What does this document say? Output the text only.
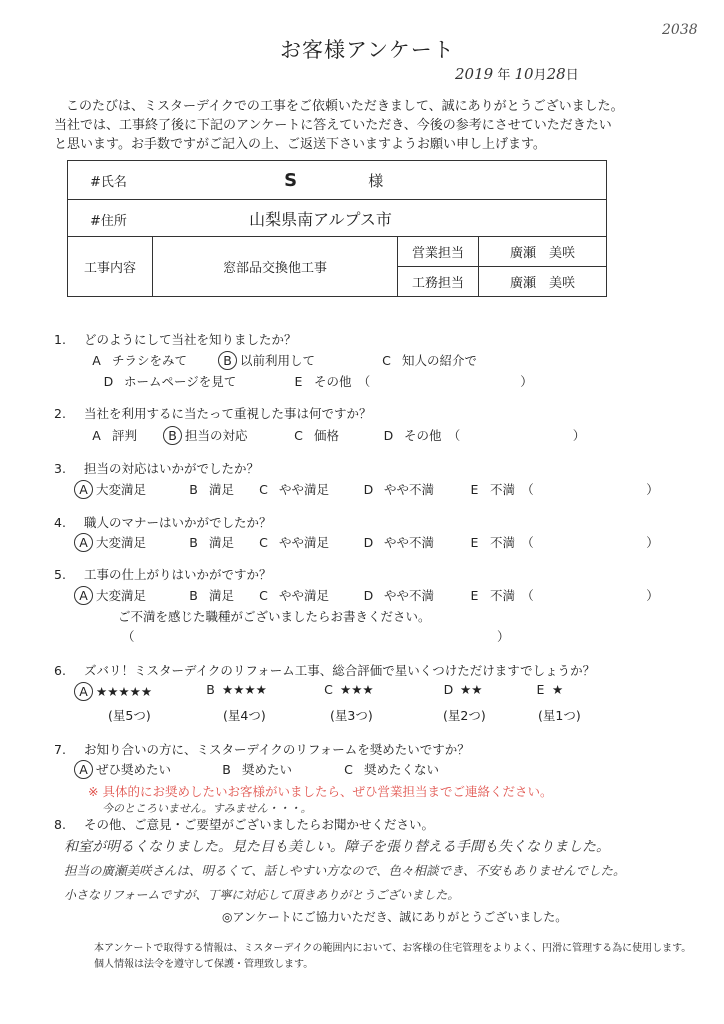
2038
お客様アンケート
2019 年 10月28日
このたびは、ミスターデイクでの工事をご依頼いただきまして、誠にありがとうございました。
当社では、工事終了後に下記のアンケートに答えていただき、今後の参考にさせていただきたい
と思います。お手数ですがご記入の上、ご返送下さいますようお願い申し上げます。
#氏名 S 様			
#住所 山梨県南アルプス市			
工事内容	窓部品交換他工事	営業担当	廣瀬　美咲
		工務担当	廣瀬　美咲
1. どのようにして当社を知りましたか？
A チラシをみて	B 以前利用して	C 知人の紹介で
D ホームページを見て	E その他　（　　　　　　　　　　　　）
2. 当社を利用するに当たって重視した事は何ですか？
A 評判	B 担当の対応	C 価格	D その他　（　　　　　　　　　）
3. 担当の対応はいかがでしたか？
A 大変満足	B 満足	C やや満足	D やや不満	E 不満　（　　　　　　　　　）
4. 職人のマナーはいかがでしたか？
A 大変満足	B 満足	C やや満足	D やや不満	E 不満　（　　　　　　　　　）
5. 工事の仕上がりはいかがですか？
A 大変満足	B 満足	C やや満足	D やや不満	E 不満　（　　　　　　　　　）
ご不満を感じた職種がございましたらお書きください。
（　　　　　　　　　　　　　　　　　　　　　　　　　　　　　）
6. ズバリ！ミスターデイクのリフォーム工事、総合評価で星いくつけただけますでしょうか？
A ★★★★★	B ★★★★	C ★★★	D ★★	E ★
(星5つ)	(星4つ)	(星3つ)	(星2つ)	(星1つ)
7. お知り合いの方に、ミスターデイクのリフォームを奨めたいですか？
A ぜひ奨めたい	B 奨めたい	C 奨めたくない
※ 具体的にお奨めしたいお客様がいましたら、ぜひ営業担当までご連絡ください。
今のところいません。すみません・・・。
8. その他、ご意見・ご要望がございましたらお聞かせください。
和室が明るくなりました。見た目も美しい。障子を張り替える手間も失くなりました。
担当の廣瀬美咲さんは、明るくて、話しやすい方なので、色々相談でき、不安もありませんでした。
小さなリフォームですが、丁寧に対応して頂きありがとうございました。
◎アンケートにご協力いただき、誠にありがとうございました。
本アンケートで取得する情報は、ミスターデイクの範囲内において、お客様の住宅管理をよりよく、円滑に管理する為に使用します。
個人情報は法令を遵守して保護・管理致します。
